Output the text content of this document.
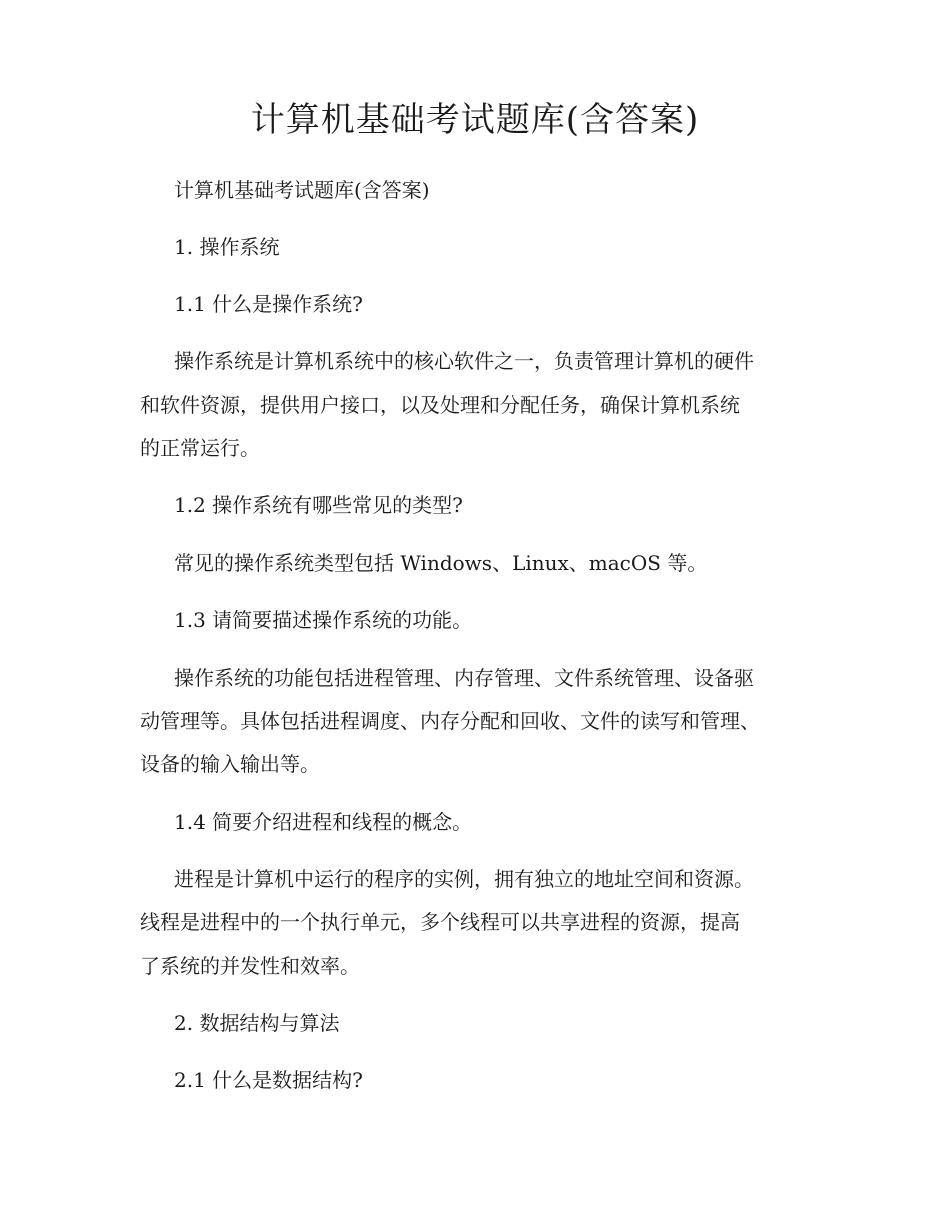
计算机基础考试题库(含答案)
计算机基础考试题库(含答案)
1. 操作系统
1.1 什么是操作系统?
操作系统是计算机系统中的核心软件之一，负责管理计算机的硬件
和软件资源，提供用户接口，以及处理和分配任务，确保计算机系统
的正常运行。
1.2 操作系统有哪些常见的类型?
常见的操作系统类型包括 Windows、Linux、macOS 等。
1.3 请简要描述操作系统的功能。
操作系统的功能包括进程管理、内存管理、文件系统管理、设备驱
动管理等。具体包括进程调度、内存分配和回收、文件的读写和管理、
设备的输入输出等。
1.4 简要介绍进程和线程的概念。
进程是计算机中运行的程序的实例，拥有独立的地址空间和资源。
线程是进程中的一个执行单元，多个线程可以共享进程的资源，提高
了系统的并发性和效率。
2. 数据结构与算法
2.1 什么是数据结构?
